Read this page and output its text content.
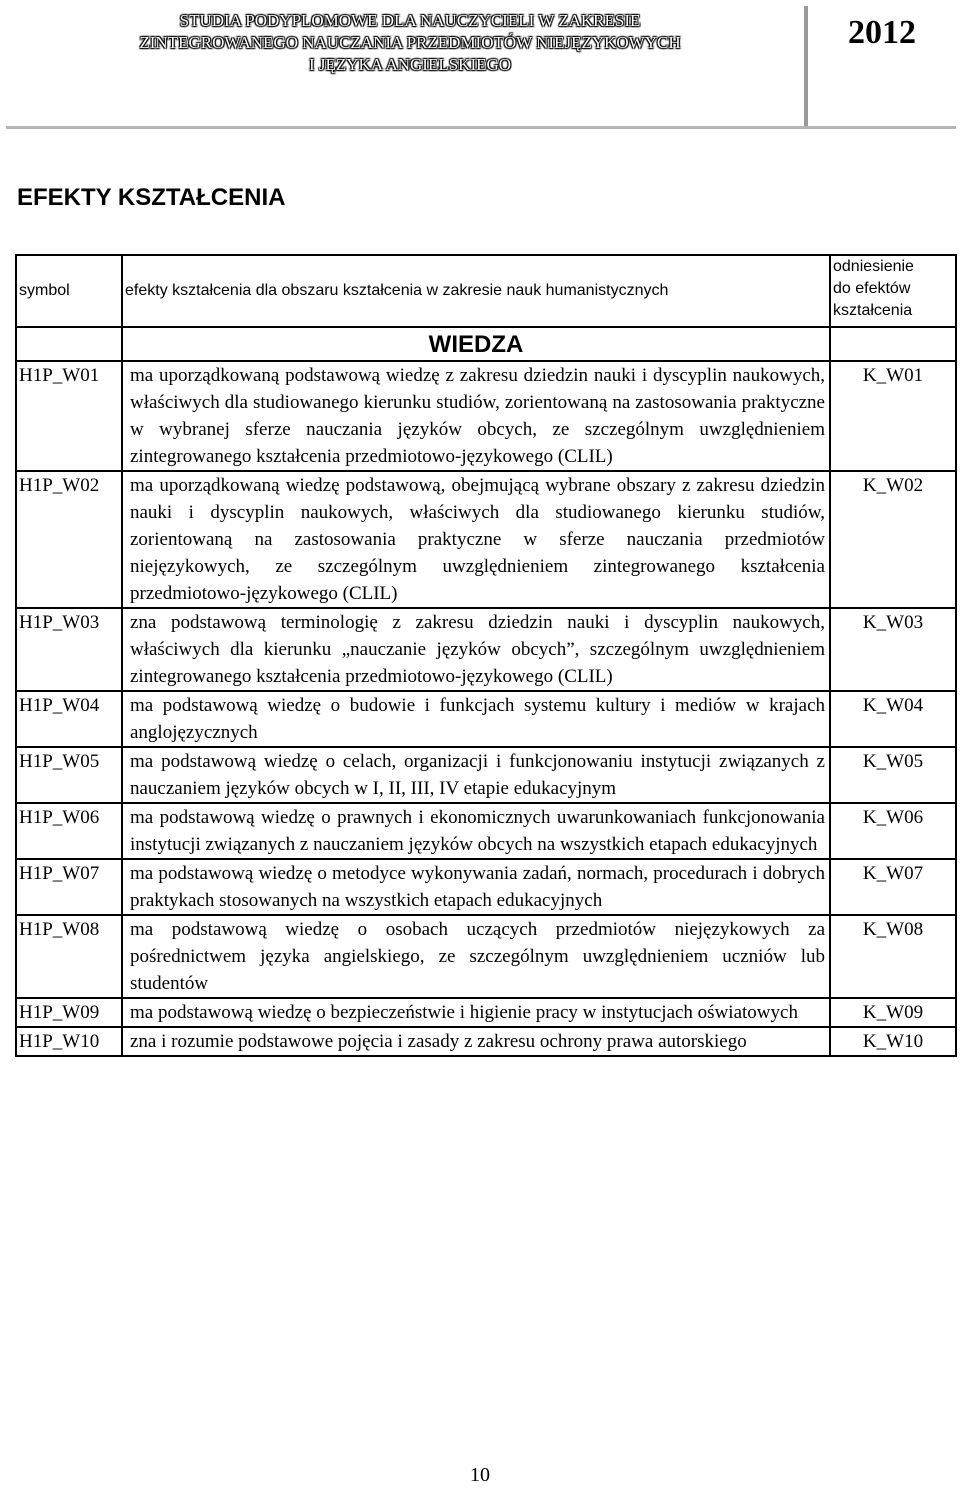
STUDIA PODYPLOMOWE DLA NAUCZYCIELI W ZAKRESIE
ZINTEGROWANEGO NAUCZANIA PRZEDMIOTÓW NIEJĘZYKOWYCH
I JĘZYKA ANGIELSKIEGO
2012
EFEKTY KSZTAŁCENIA
symbol	efekty kształcenia dla obszaru kształcenia w zakresie nauk humanistycznych	odniesienie
do efektów
kształcenia

	WIEDZA	
H1P_W01	ma uporządkowaną podstawową wiedzę z zakresu dziedzin nauki i dyscyplin naukowych, właściwych dla studiowanego kierunku studiów, zorientowaną na zastosowania praktyczne w wybranej sferze nauczania języków obcych, ze szczególnym uwzględnieniem zintegrowanego kształcenia przedmiotowo-językowego (CLIL)	K_W01
H1P_W02	ma uporządkowaną wiedzę podstawową, obejmującą wybrane obszary z zakresu dziedzin nauki i dyscyplin naukowych, właściwych dla studiowanego kierunku studiów, zorientowaną na zastosowania praktyczne w sferze nauczania przedmiotów niejęzykowych, ze szczególnym uwzględnieniem zintegrowanego kształcenia przedmiotowo-językowego (CLIL)	K_W02
H1P_W03	zna podstawową terminologię z zakresu dziedzin nauki i dyscyplin naukowych, właściwych dla kierunku „nauczanie języków obcych”, szczególnym uwzględnieniem zintegrowanego kształcenia przedmiotowo-językowego (CLIL)	K_W03
H1P_W04	ma podstawową wiedzę o budowie i funkcjach systemu kultury i mediów w krajach anglojęzycznych	K_W04
H1P_W05	ma podstawową wiedzę o celach, organizacji i funkcjonowaniu instytucji związanych z nauczaniem języków obcych w I, II, III, IV etapie edukacyjnym	K_W05
H1P_W06	ma podstawową wiedzę o prawnych i ekonomicznych uwarunkowaniach funkcjonowania instytucji związanych z nauczaniem języków obcych na wszystkich etapach edukacyjnych	K_W06
H1P_W07	ma podstawową wiedzę o metodyce wykonywania zadań, normach, procedurach i dobrych praktykach stosowanych na wszystkich etapach edukacyjnych	K_W07
H1P_W08	ma podstawową wiedzę o osobach uczących przedmiotów niejęzykowych za pośrednictwem języka angielskiego, ze szczególnym uwzględnieniem uczniów lub studentów	K_W08
H1P_W09	ma podstawową wiedzę o bezpieczeństwie i higienie pracy w instytucjach oświatowych	K_W09
H1P_W10	zna i rozumie podstawowe pojęcia i zasady z zakresu ochrony prawa autorskiego	K_W10
10
